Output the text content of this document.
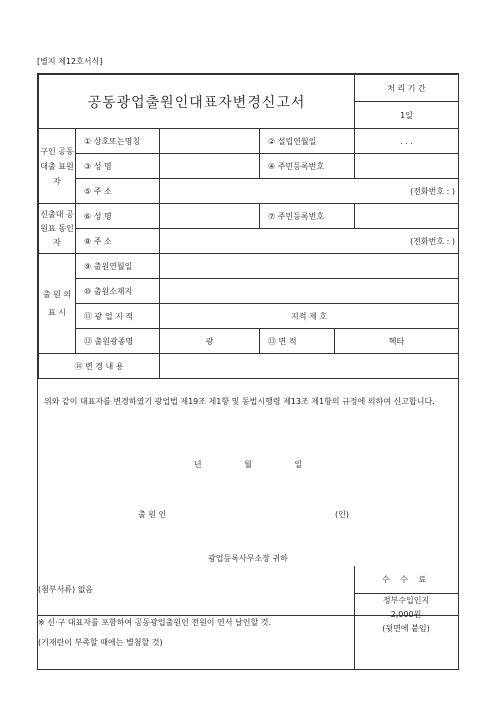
[별지 제12호서식]
공동광업출원인대표자변경신고서	처 리 기 간
1일
구인 공동 대출 표원자	① 상호또는명칭		② 설립연월일		. . .
	③ 성 명		④ 주민등록번호		
	⑤ 주 소	(전화번호 : )			
신출대 공원표 동인자	⑥ 성 명		⑦ 주민등록번호		
	⑧ 주 소	(전화번호 : )			
출 원 의 표 시	⑨ 출원연월일				
	⑩ 출원소재지				
	⑪ 광 업 지 적	지적 제 호			
	⑫ 출원광종명	광	⑬ 면 적	헥타	
⑭ 변 경 내 용					
위와 같이 대표자를 변경하였기 광업법 제19조 제1항 및 동법시행령 제13조 제1항의 규정에 의하여 신고합니다.
년	월	일
출 원 인	(인)
광업등록사무소장 귀하
(첨부서류) 없음
※ 신·구 대표자를 포함하여 공동광업출원인 전원이 연서 날인할 것.
(기재란이 부족할 때에는 별첨할 것)
수 수 료
정부수입인지
2,000원
(뒷면에 붙임)
